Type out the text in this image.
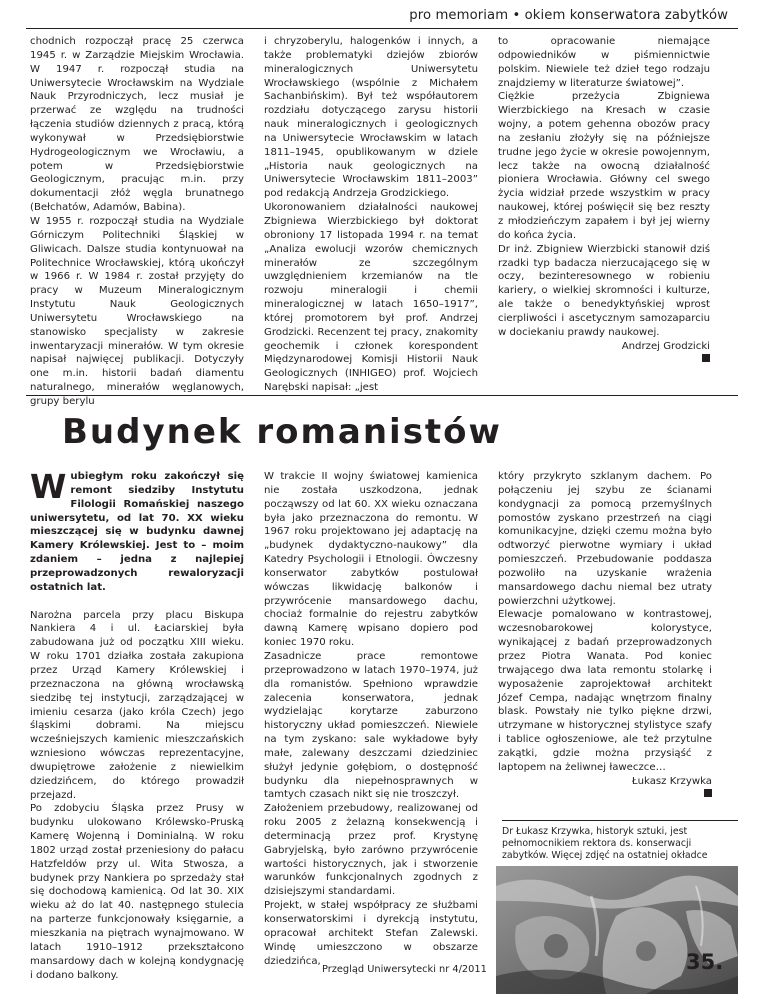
pro memoriam • okiem konserwatora zabytków

chodnich rozpoczął pracę 25 czerwca 1945 r. w Zarządzie Miejskim Wrocławia. W 1947 r. rozpoczął studia na Uniwersytecie Wrocławskim na Wydziale Nauk Przyrodniczych, lecz musiał je przerwać ze względu na trudności łączenia studiów dziennych z pracą, którą wykonywał w Przedsiębiorstwie Hydrogeologicznym we Wrocławiu, a potem w Przedsiębiorstwie Geologicznym, pracując m.in. przy dokumentacji złóż węgla brunatnego (Bełchatów, Adamów, Babina).

W 1955 r. rozpoczął studia na Wydziale Górniczym Politechniki Śląskiej w Gliwicach. Dalsze studia kontynuował na Politechnice Wrocławskiej, którą ukończył w 1966 r. W 1984 r. został przyjęty do pracy w Muzeum Mineralogicznym Instytutu Nauk Geologicznych Uniwersytetu Wrocławskiego na stanowisko specjalisty w zakresie inwentaryzacji minerałów. W tym okresie napisał najwięcej publikacji. Dotyczyły one m.in. historii badań diamentu naturalnego, minerałów węglanowych, grupy berylu

i chryzoberylu, halogenków i innych, a także problematyki dziejów zbiorów mineralogicznych Uniwersytetu Wrocławskiego (wspólnie z Michałem Sachanbińskim). Był też współautorem rozdziału dotyczącego zarysu historii nauk mineralogicznych i geologicznych na Uniwersytecie Wrocławskim w latach 1811–1945, opublikowanym w dziele „Historia nauk geologicznych na Uniwersytecie Wrocławskim 1811–2003” pod redakcją Andrzeja Grodzickiego.

Ukoronowaniem działalności naukowej Zbigniewa Wierzbickiego był doktorat obroniony 17 listopada 1994 r. na temat „Analiza ewolucji wzorów chemicznych minerałów ze szczególnym uwzględnieniem krzemianów na tle rozwoju mineralogii i chemii mineralogicznej w latach 1650–1917”, której promotorem był prof. Andrzej Grodzicki. Recenzent tej pracy, znakomity geochemik i członek korespondent Międzynarodowej Komisji Historii Nauk Geologicznych (INHIGEO) prof. Wojciech Narębski napisał: „jest

to opracowanie niemające odpowiedników w piśmiennictwie polskim. Niewiele też dzieł tego rodzaju znajdziemy w literaturze światowej”.

Ciężkie przeżycia Zbigniewa Wierzbickiego na Kresach w czasie wojny, a potem gehenna obozów pracy na zesłaniu złożyły się na późniejsze trudne jego życie w okresie powojennym, lecz także na owocną działalność pioniera Wrocławia. Główny cel swego życia widział przede wszystkim w pracy naukowej, której poświęcił się bez reszty z młodzieńczym zapałem i był jej wierny do końca życia.

Dr inż. Zbigniew Wierzbicki stanowił dziś rzadki typ badacza nierzucającego się w oczy, bezinteresownego w robieniu kariery, o wielkiej skromności i kulturze, ale także o benedyktyńskiej wprost cierpliwości i ascetycznym samozaparciu w dociekaniu prawdy naukowej.

Andrzej Grodzicki

Budynek romanistów

Wubiegłym roku zakończył się remont siedziby Instytutu Filologii Romańskiej naszego uniwersytetu, od lat 70. XX wieku mieszczącej się w budynku dawnej Kamery Królewskiej. Jest to – moim zdaniem – jedna z najlepiej przeprowadzonych rewaloryzacji ostatnich lat.

Narożna parcela przy placu Biskupa Nankiera 4 i ul. Łaciarskiej była zabudowana już od początku XIII wieku. W roku 1701 działka została zakupiona przez Urząd Kamery Królewskiej i przeznaczona na główną wrocławską siedzibę tej instytucji, zarządzającej w imieniu cesarza (jako króla Czech) jego śląskimi dobrami. Na miejscu wcześniejszych kamienic mieszczańskich wzniesiono wówczas reprezentacyjne, dwupiętrowe założenie z niewielkim dziedzińcem, do którego prowadził przejazd.

Po zdobyciu Śląska przez Prusy w budynku ulokowano Królewsko-Pruską Kamerę Wojenną i Dominialną. W roku 1802 urząd został przeniesiony do pałacu Hatzfeldów przy ul. Wita Stwosza, a budynek przy Nankiera po sprzedaży stał się dochodową kamienicą. Od lat 30. XIX wieku aż do lat 40. następnego stulecia na parterze funkcjonowały księgarnie, a mieszkania na piętrach wynajmowano. W latach 1910–1912 przekształcono mansardowy dach w kolejną kondygnację i dodano balkony.

W trakcie II wojny światowej kamienica nie została uszkodzona, jednak począwszy od lat 60. XX wieku oznaczana była jako przeznaczona do remontu. W 1967 roku projektowano jej adaptację na „budynek dydaktyczno-naukowy” dla Katedry Psychologii i Etnologii. Ówczesny konserwator zabytków postulował wówczas likwidację balkonów i przywrócenie mansardowego dachu, chociaż formalnie do rejestru zabytków dawną Kamerę wpisano dopiero pod koniec 1970 roku.

Zasadnicze prace remontowe przeprowadzono w latach 1970–1974, już dla romanistów. Spełniono wprawdzie zalecenia konserwatora, jednak wydzielając korytarze zaburzono historyczny układ pomieszczeń. Niewiele na tym zyskano: sale wykładowe były małe, zalewany deszczami dziedziniec służył jedynie gołębiom, o dostępność budynku dla niepełnosprawnych w tamtych czasach nikt się nie troszczył.

Założeniem przebudowy, realizowanej od roku 2005 z żelazną konsekwencją i determinacją przez prof. Krystynę Gabryjelską, było zarówno przywrócenie wartości historycznych, jak i stworzenie warunków funkcjonalnych zgodnych z dzisiejszymi standardami.

Projekt, w stałej współpracy ze służbami konserwatorskimi i dyrekcją instytutu, opracował architekt Stefan Zalewski. Windę umieszczono w obszarze dziedzińca,

który przykryto szklanym dachem. Po połączeniu jej szybu ze ścianami kondygnacji za pomocą przemyślnych pomostów zyskano przestrzeń na ciągi komunikacyjne, dzięki czemu można było odtworzyć pierwotne wymiary i układ pomieszczeń. Przebudowanie poddasza pozwoliło na uzyskanie wrażenia mansardowego dachu niemal bez utraty powierzchni użytkowej.

Elewacje pomalowano w kontrastowej, wczesnobarokowej kolorystyce, wynikającej z badań przeprowadzonych przez Piotra Wanata. Pod koniec trwającego dwa lata remontu stolarkę i wyposażenie zaprojektował architekt Józef Cempa, nadając wnętrzom finalny blask. Powstały nie tylko piękne drzwi, utrzymane w historycznej stylistyce szafy i tablice ogłoszeniowe, ale też przytulne zakątki, gdzie można przysiąść z laptopem na żeliwnej ławeczce…

Łukasz Krzywka

Dr Łukasz Krzywka, historyk sztuki, jest pełnomocnikiem rektora ds. konserwacji zabytków. Więcej zdjęć na ostatniej okładce
Przegląd Uniwersytecki nr 4/2011	35.
